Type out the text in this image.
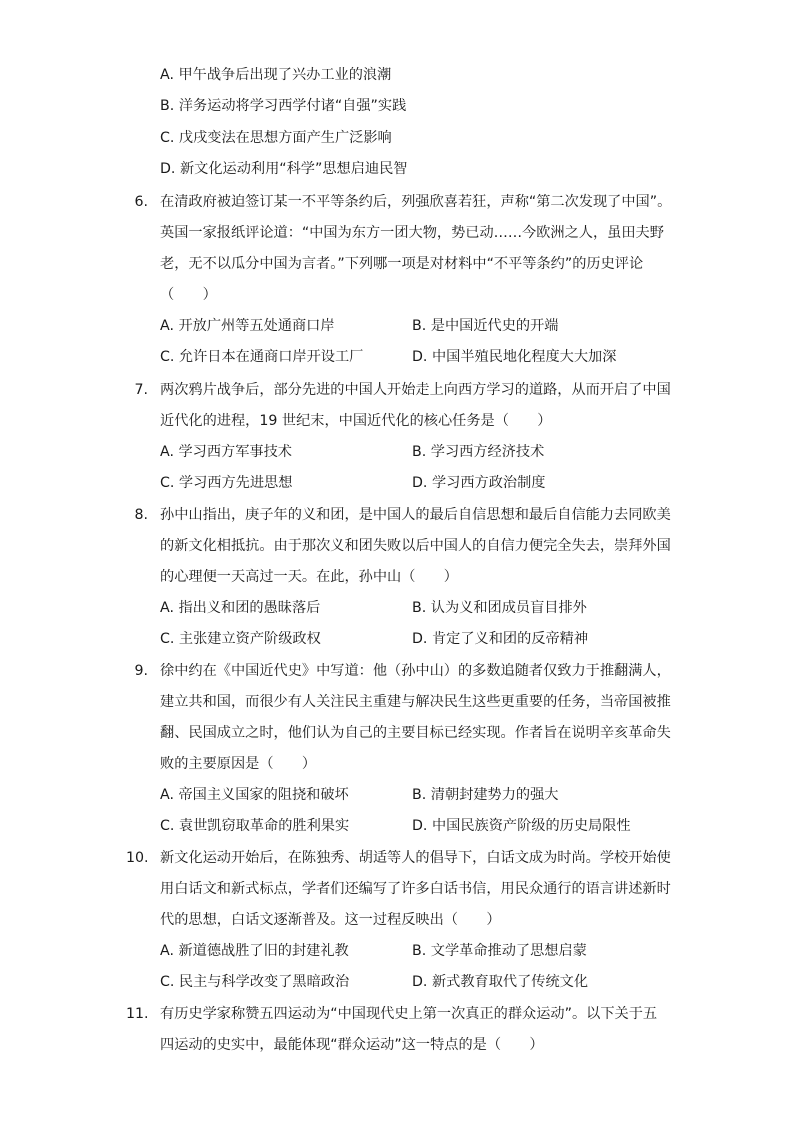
A. 甲午战争后出现了兴办工业的浪潮
B. 洋务运动将学习西学付诸“自强”实践
C. 戊戌变法在思想方面产生广泛影响
D. 新文化运动利用“科学”思想启迪民智
6. 在清政府被迫签订某一不平等条约后，列强欣喜若狂，声称“第二次发现了中国”。
英国一家报纸评论道：“中国为东方一团大物，势已动……今欧洲之人，虽田夫野
老，无不以瓜分中国为言者。”下列哪一项是对材料中“不平等条约”的历史评论
（　　）
A. 开放广州等五处通商口岸	B. 是中国近代史的开端
C. 允许日本在通商口岸开设工厂	D. 中国半殖民地化程度大大加深
7. 两次鸦片战争后，部分先进的中国人开始走上向西方学习的道路，从而开启了中国
近代化的进程，19 世纪末，中国近代化的核心任务是（　　）
A. 学习西方军事技术	B. 学习西方经济技术
C. 学习西方先进思想	D. 学习西方政治制度
8. 孙中山指出，庚子年的义和团，是中国人的最后自信思想和最后自信能力去同欧美
的新文化相抵抗。由于那次义和团失败以后中国人的自信力便完全失去，崇拜外国
的心理便一天高过一天。在此，孙中山（　　）
A. 指出义和团的愚昧落后	B. 认为义和团成员盲目排外
C. 主张建立资产阶级政权	D. 肯定了义和团的反帝精神
9. 徐中约在《中国近代史》中写道：他（孙中山）的多数追随者仅致力于推翻满人，
建立共和国，而很少有人关注民主重建与解决民生这些更重要的任务，当帝国被推
翻、民国成立之时，他们认为自己的主要目标已经实现。作者旨在说明辛亥革命失
败的主要原因是（　　）
A. 帝国主义国家的阻挠和破坏	B. 清朝封建势力的强大
C. 袁世凯窃取革命的胜利果实	D. 中国民族资产阶级的历史局限性
10. 新文化运动开始后，在陈独秀、胡适等人的倡导下，白话文成为时尚。学校开始使
用白话文和新式标点，学者们还编写了许多白话书信，用民众通行的语言讲述新时
代的思想，白话文逐渐普及。这一过程反映出（　　）
A. 新道德战胜了旧的封建礼教	B. 文学革命推动了思想启蒙
C. 民主与科学改变了黑暗政治	D. 新式教育取代了传统文化
11. 有历史学家称赞五四运动为“中国现代史上第一次真正的群众运动”。以下关于五
四运动的史实中，最能体现“群众运动”这一特点的是（　　）
